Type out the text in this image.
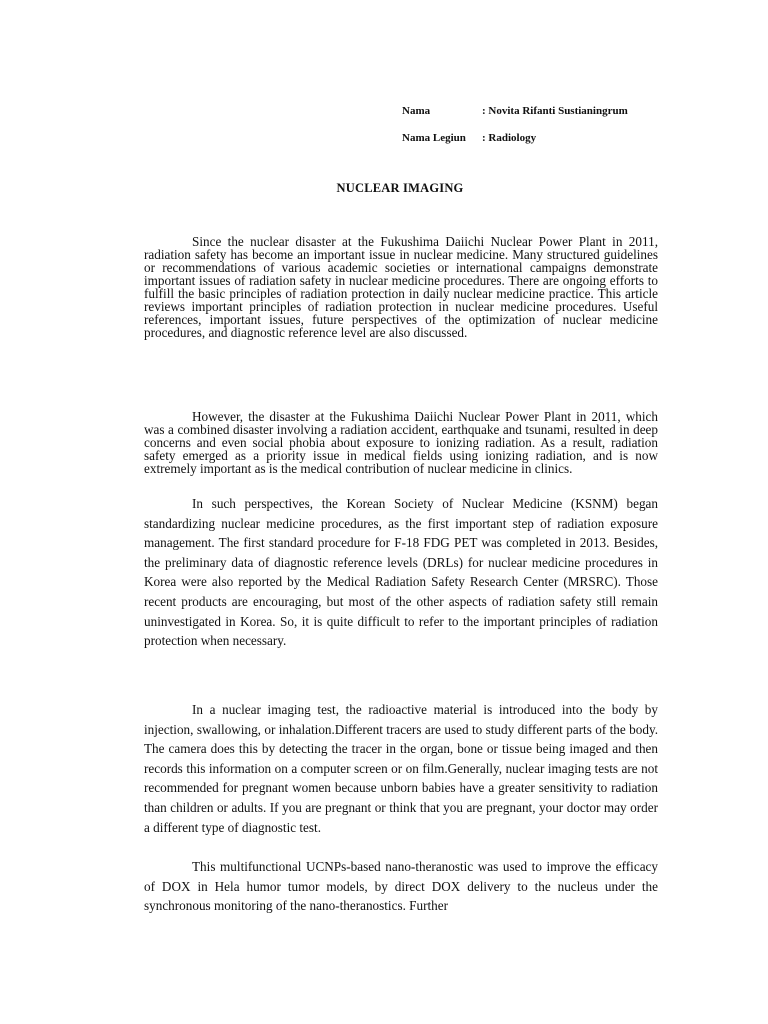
Nama	: Novita Rifanti Sustianingrum
Nama Legiun : Radiology
NUCLEAR IMAGING

Since the nuclear disaster at the Fukushima Daiichi Nuclear Power Plant in 2011, radiation safety has become an important issue in nuclear medicine. Many structured guidelines or recommendations of various academic societies or international campaigns demonstrate important issues of radiation safety in nuclear medicine procedures. There are ongoing efforts to fulfill the basic principles of radiation protection in daily nuclear medicine practice. This article reviews important principles of radiation protection in nuclear medicine procedures. Useful references, important issues, future perspectives of the optimization of nuclear medicine procedures, and diagnostic reference level are also discussed.

However, the disaster at the Fukushima Daiichi Nuclear Power Plant in 2011, which was a combined disaster involving a radiation accident, earthquake and tsunami, resulted in deep concerns and even social phobia about exposure to ionizing radiation. As a result, radiation safety emerged as a priority issue in medical fields using ionizing radiation, and is now extremely important as is the medical contribution of nuclear medicine in clinics.

In such perspectives, the Korean Society of Nuclear Medicine (KSNM) began standardizing nuclear medicine procedures, as the first important step of radiation exposure management. The first standard procedure for F-18 FDG PET was completed in 2013. Besides, the preliminary data of diagnostic reference levels (DRLs) for nuclear medicine procedures in Korea were also reported by the Medical Radiation Safety Research Center (MRSRC). Those recent products are encouraging, but most of the other aspects of radiation safety still remain uninvestigated in Korea. So, it is quite difficult to refer to the important principles of radiation protection when necessary.

In a nuclear imaging test, the radioactive material is introduced into the body by injection, swallowing, or inhalation.Different tracers are used to study different parts of the body. The camera does this by detecting the tracer in the organ, bone or tissue being imaged and then records this information on a computer screen or on film.Generally, nuclear imaging tests are not recommended for pregnant women because unborn babies have a greater sensitivity to radiation than children or adults. If you are pregnant or think that you are pregnant, your doctor may order a different type of diagnostic test.

This multifunctional UCNPs-based nano-theranostic was used to improve the efficacy of DOX in Hela humor tumor models, by direct DOX delivery to the nucleus under the synchronous monitoring of the nano-theranostics. Further
